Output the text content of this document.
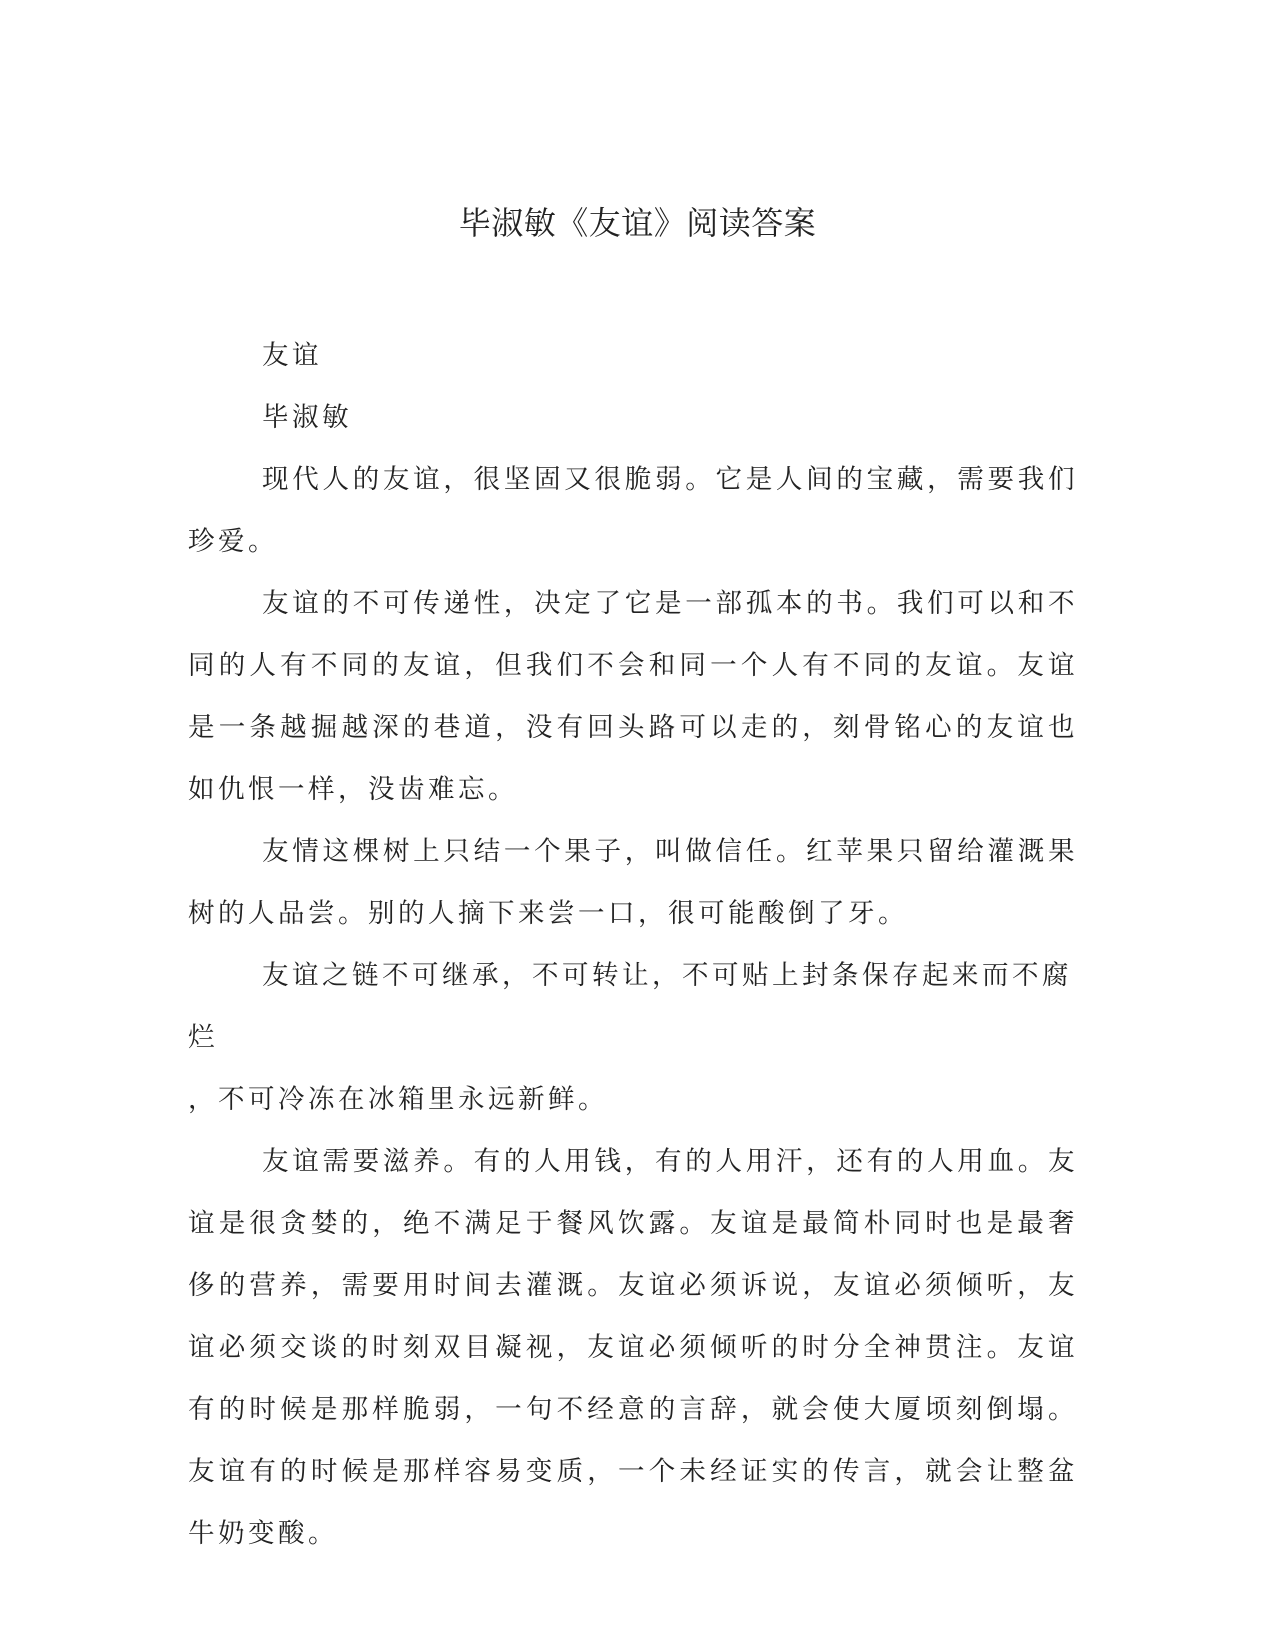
毕淑敏《友谊》阅读答案

友谊

毕淑敏

现代人的友谊，很坚固又很脆弱。它是人间的宝藏，需要我们珍爱。

友谊的不可传递性，决定了它是一部孤本的书。我们可以和不同的人有不同的友谊，但我们不会和同一个人有不同的友谊。友谊是一条越掘越深的巷道，没有回头路可以走的，刻骨铭心的友谊也如仇恨一样，没齿难忘。

友情这棵树上只结一个果子，叫做信任。红苹果只留给灌溉果树的人品尝。别的人摘下来尝一口，很可能酸倒了牙。

友谊之链不可继承，不可转让，不可贴上封条保存起来而不腐烂
，不可冷冻在冰箱里永远新鲜。

友谊需要滋养。有的人用钱，有的人用汗，还有的人用血。友谊是很贪婪的，绝不满足于餐风饮露。友谊是最简朴同时也是最奢侈的营养，需要用时间去灌溉。友谊必须诉说，友谊必须倾听，友谊必须交谈的时刻双目凝视，友谊必须倾听的时分全神贯注。友谊有的时候是那样脆弱，一句不经意的言辞，就会使大厦顷刻倒塌。友谊有的时候是那样容易变质，一个未经证实的传言，就会让整盆牛奶变酸。
